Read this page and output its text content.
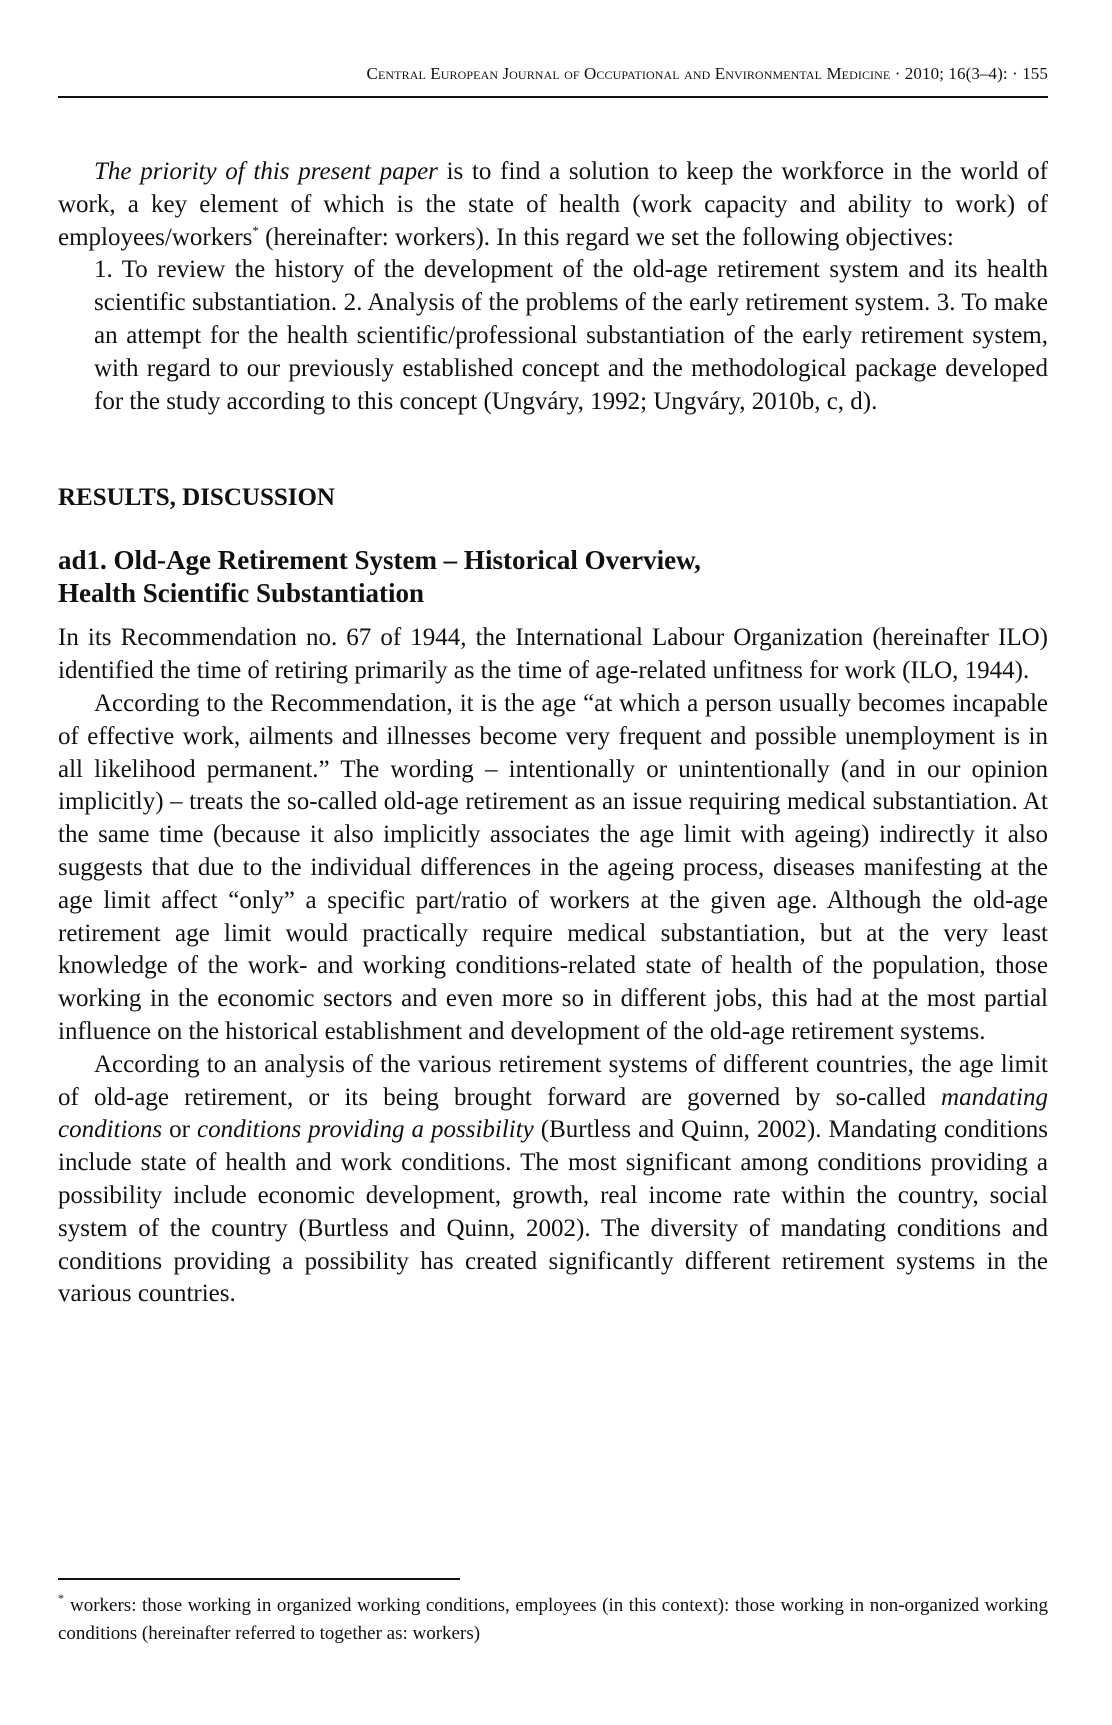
Central European Journal of Occupational and Environmental Medicine · 2010; 16(3–4): · 155

The priority of this present paper is to find a solution to keep the workforce in the world of work, a key element of which is the state of health (work capacity and ability to work) of employees/workers* (hereinafter: workers). In this regard we set the following objectives:

1. To review the history of the development of the old-age retirement system and its health scientific substantiation. 2. Analysis of the problems of the early retirement system. 3. To make an attempt for the health scientific/professional substantiation of the early retirement system, with regard to our previously established concept and the methodological package developed for the study according to this concept (Ungváry, 1992; Ungváry, 2010b, c, d).

RESULTS, DISCUSSION
ad1. Old-Age Retirement System – Historical Overview,
Health Scientific Substantiation

In its Recommendation no. 67 of 1944, the International Labour Organization (hereinafter ILO) identified the time of retiring primarily as the time of age-related unfitness for work (ILO, 1944).

According to the Recommendation, it is the age “at which a person usually becomes incapable of effective work, ailments and illnesses become very frequent and possible unemployment is in all likelihood permanent.” The wording – intentionally or unintentionally (and in our opinion implicitly) – treats the so-called old-age retirement as an issue requiring medical substantiation. At the same time (because it also implicitly associates the age limit with ageing) indirectly it also suggests that due to the individual differences in the ageing process, diseases manifesting at the age limit affect “only” a specific part/ratio of workers at the given age. Although the old-age retirement age limit would practically require medical substantiation, but at the very least knowledge of the work- and working conditions-related state of health of the population, those working in the economic sectors and even more so in different jobs, this had at the most partial influence on the historical establishment and development of the old-age retirement systems.

According to an analysis of the various retirement systems of different countries, the age limit of old-age retirement, or its being brought forward are governed by so-called mandating conditions or conditions providing a possibility (Burtless and Quinn, 2002). Mandating conditions include state of health and work conditions. The most significant among conditions providing a possibility include economic development, growth, real income rate within the country, social system of the country (Burtless and Quinn, 2002). The diversity of mandating conditions and conditions providing a possibility has created significantly different retirement systems in the various countries.

* workers: those working in organized working conditions, employees (in this context): those working in non-organized working conditions (hereinafter referred to together as: workers)
